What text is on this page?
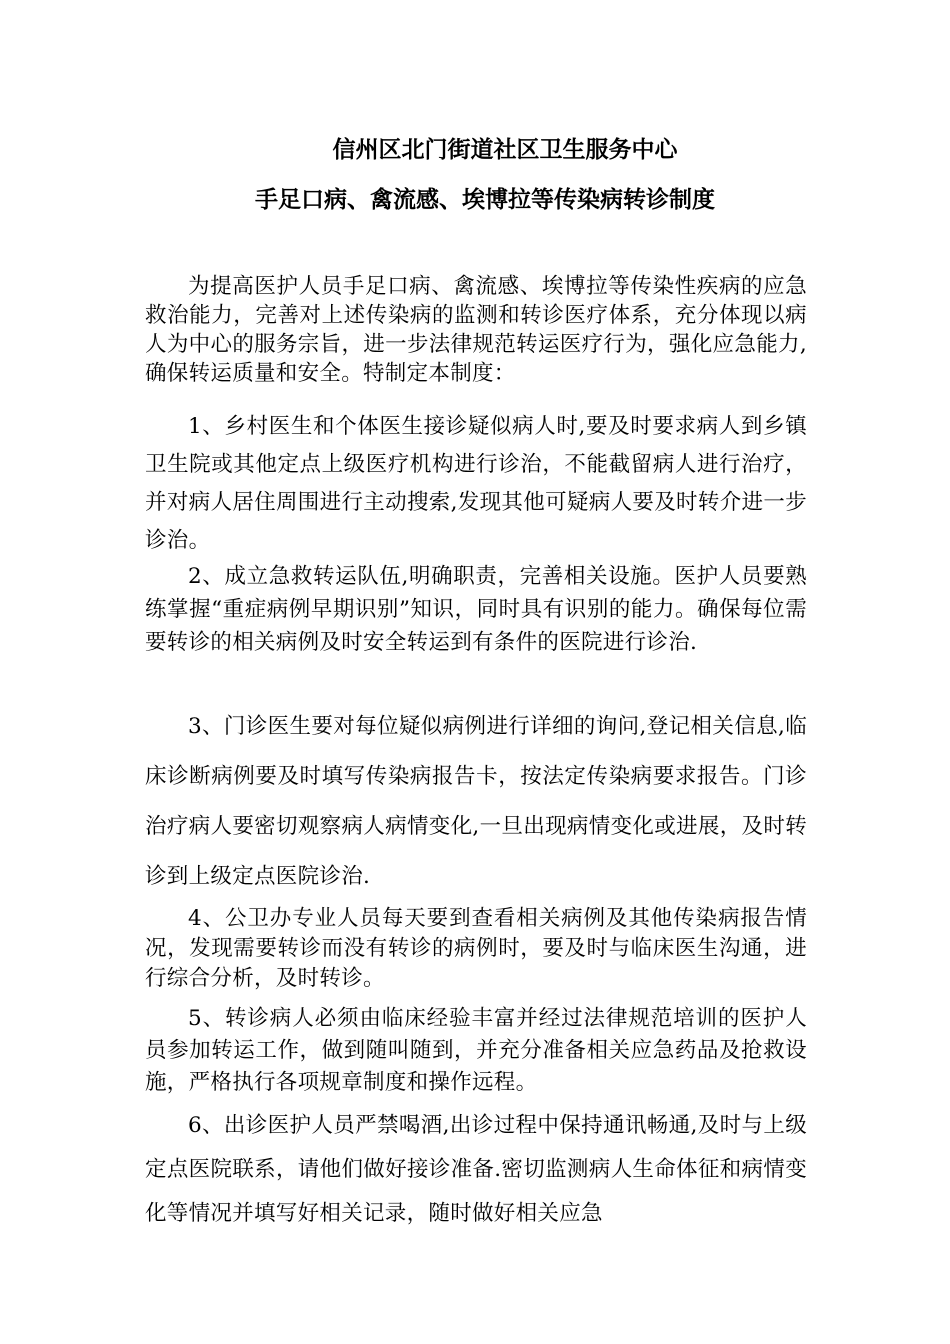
信州区北门街道社区卫生服务中心
手足口病、禽流感、埃博拉等传染病转诊制度

为提高医护人员手足口病、禽流感、埃博拉等传染性疾病的应急救治能力，完善对上述传染病的监测和转诊医疗体系，充分体现以病人为中心的服务宗旨，进一步法律规范转运医疗行为，强化应急能力,确保转运质量和安全。特制定本制度：

1、乡村医生和个体医生接诊疑似病人时,要及时要求病人到乡镇卫生院或其他定点上级医疗机构进行诊治，不能截留病人进行治疗，并对病人居住周围进行主动搜索,发现其他可疑病人要及时转介进一步诊治。

2、成立急救转运队伍,明确职责，完善相关设施。医护人员要熟练掌握“重症病例早期识别”知识，同时具有识别的能力。确保每位需要转诊的相关病例及时安全转运到有条件的医院进行诊治.

3、门诊医生要对每位疑似病例进行详细的询问,登记相关信息,临床诊断病例要及时填写传染病报告卡，按法定传染病要求报告。门诊治疗病人要密切观察病人病情变化,一旦出现病情变化或进展，及时转诊到上级定点医院诊治.

4、公卫办专业人员每天要到查看相关病例及其他传染病报告情况，发现需要转诊而没有转诊的病例时，要及时与临床医生沟通，进行综合分析，及时转诊。

5、转诊病人必须由临床经验丰富并经过法律规范培训的医护人员参加转运工作，做到随叫随到，并充分准备相关应急药品及抢救设施，严格执行各项规章制度和操作远程。

6、出诊医护人员严禁喝酒,出诊过程中保持通讯畅通,及时与上级定点医院联系，请他们做好接诊准备.密切监测病人生命体征和病情变化等情况并填写好相关记录，随时做好相关应急
